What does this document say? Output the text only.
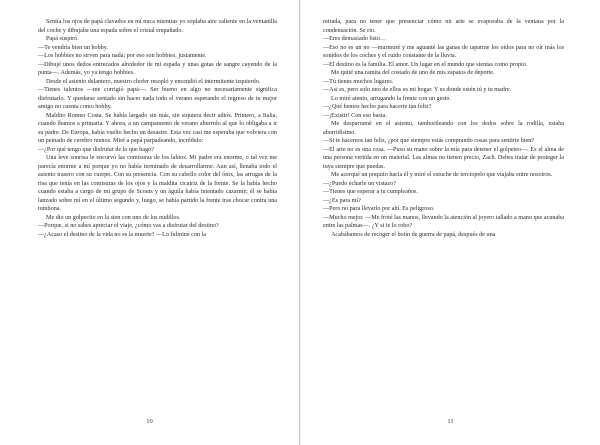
Sentía los ojos de papá clavados en mí nuca mientras yo soplaba aire caliente en la ventanilla del coche y dibujaba una espada sobre el cristal empañado.

Papá suspiró.

—Te vendría bien un hobby.

—Los hobbies no sirven para nada; por eso son hobbies, justamente.

—Dibujé unos dedos entrecados alrededor de mi espada y unas gotas de sangre cayendo de la punta—. Además, yo ya tengo hobbies.

Desde el asiento delantero, nuestro chofer resopló y encendió el intermitente izquierdo.

—Tienes talentos —me corrigió papá—. Ser bueno en algo no necesariamente significa disfrutarlo. Y quedarse sentado sin hacer nada todo el verano esperando el regreso de tu mejor amigo no cuenta como hobby.

Maldito Romeo Costa. Se había largado sin más, sin siquiera decir adiós. Primero, a Italia, cuando íbamos a primaria. Y ahora, a un campamento de verano aburrido al que lo obligaba a ir su padre. De Europa, había vuelto hecho un desastre. Esta vez casi me esperaba que volviera con un peinado de cerebro menos. Miré a papá parpadeando, incrédulo:

—¿Por qué tengo que disfrutar de lo que hago?

Una leve sonrisa le encorvó las comisuras de los labios. Mi padre era enorme, o tal vez me parecía enorme a mí porque yo no había terminado de desarrollarme. Aun así, llenaba todo el asiento trasero con su cuerpo. Con su presencia. Con su cabello color del ónix, las arrugas de la risa que tenía en las comisuras de los ojos y la maldita cicatriz de la frente. Se la había hecho cuando estaba a cargo de mi grupo de Scouts y un águila había intentado cazarme; él se había lanzado sobre mí en el último segundo y, luego, se había partido la frente tras chocar contra una tumbona.

Me dio un golpecito en la sien con uno de los nudillos.

—Porque, si no sabes apreciar el viaje, ¿cómo vas a disfrutar del destino?

—¿Acaso el destino de la vida no es la muerte? —Lo fulminé con la

10

mirada, para no tener que presenciar cómo mi arte se evaporaba de la ventana por la condensación. Se rio.

—Eres demasiado listo…

—Eso no es un no —murmuré y me aguanté las ganas de taparme los oídos para no oír más los sonidos de los coches y el ruido constante de la lluvia.

—El destino es la familia. El amor. Un lugar en el mundo que sientas como propio.

Me quité una ramita del costado de uno de mis zapatos de deporte.

—Tú tienes muchos lugares.

—Así es, pero solo uno de ellos es mi hogar. Y es donde estén tú y tu madre.

Lo miré atento, arrugando la frente con un gesto.

—¿Qué hemos hecho para hacerte tan feliz?

—¡Existir! Con eso basta.

Me desparramé en el asiento, tamborileando con los dedos sobre la rodilla, estaba aburridísimo.

—Si te hacemos tan feliz, ¿por qué siempre estás comprando cosas para sentirte bien?

—El arte no es una cosa. —Puso su mano sobre la mía para detener el golpeteo—. Es el alma de una persona vertida en un material. Las almas no tienen precio, Zach. Debes tratar de proteger la tuya siempre que puedas.

Me acerqué un poquito hacia él y miré el estuche de terciopelo que viajaba entre nosotros.

—¿Puedo echarle un vistazo?

—Tienes que esperar a tu cumpleaños.

—¿Es para mí?

—Pero no para llevarlo por ahí. Es peligroso.

—Mucho mejor. —Me froté las manos, llevando la atención al joyero tallado a mano que acunaba entre las palmas—. ¿Y si te lo robo?

Acabábamos de recoger el botín de guerra de papá, después de una

11
